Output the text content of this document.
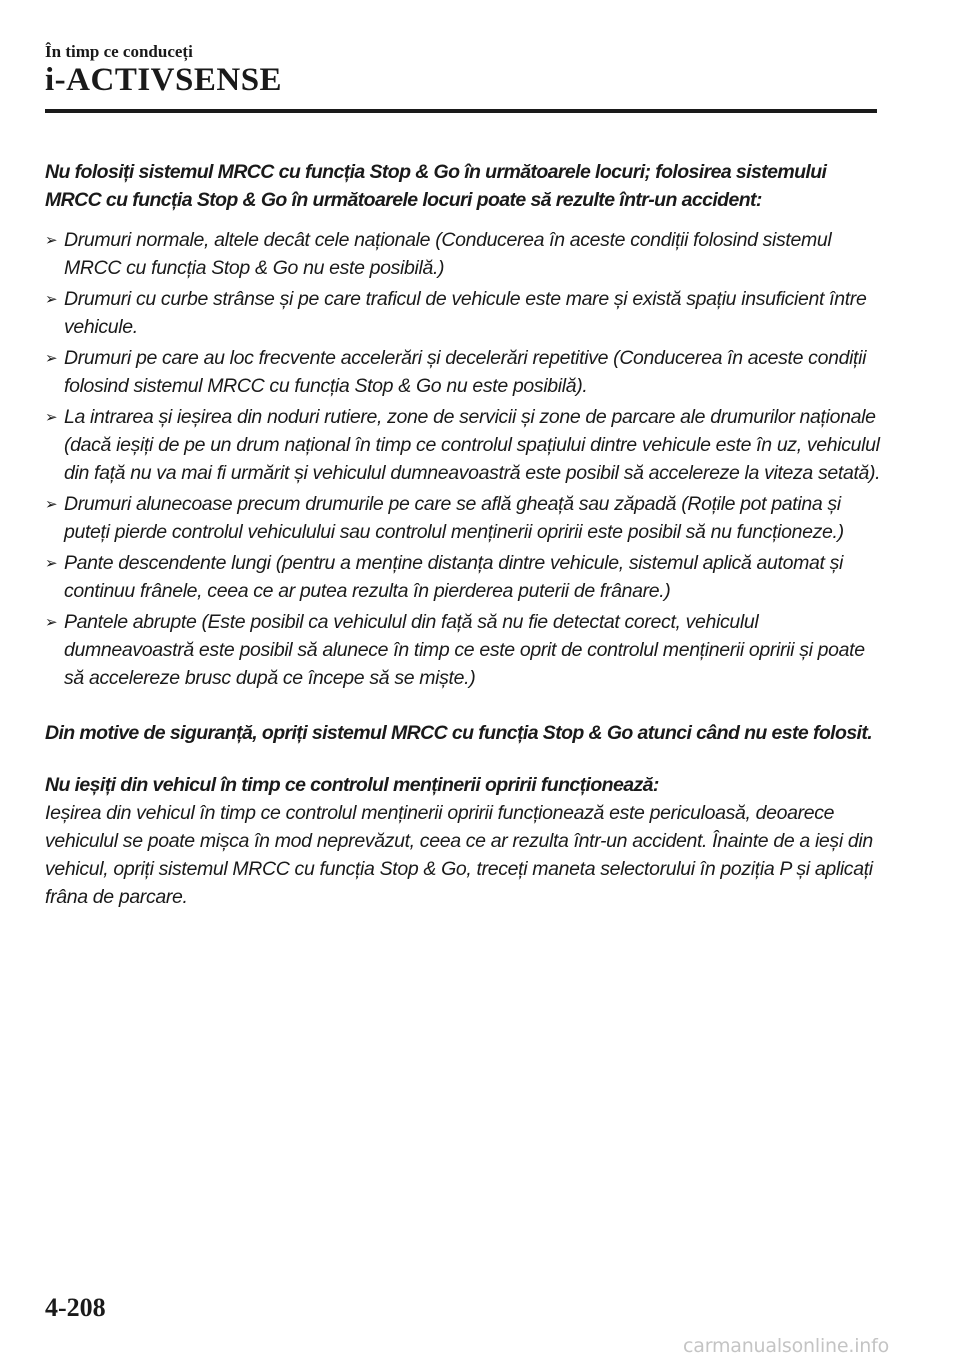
În timp ce conduceți
i-ACTIVSENSE

Nu folosiți sistemul MRCC cu funcția Stop & Go în următoarele locuri; folosirea sistemului MRCC cu funcția Stop & Go în următoarele locuri poate să rezulte într-un accident:

➢ Drumuri normale, altele decât cele naționale (Conducerea în aceste condiții folosind sistemul MRCC cu funcția Stop & Go nu este posibilă.)
➢ Drumuri cu curbe strânse și pe care traficul de vehicule este mare și există spațiu insuficient între vehicule.
➢ Drumuri pe care au loc frecvente accelerări și decelerări repetitive (Conducerea în aceste condiții folosind sistemul MRCC cu funcția Stop & Go nu este posibilă).
➢ La intrarea și ieșirea din noduri rutiere, zone de servicii și zone de parcare ale drumurilor naționale (dacă ieșiți de pe un drum național în timp ce controlul spațiului dintre vehicule este în uz, vehiculul din față nu va mai fi urmărit și vehiculul dumneavoastră este posibil să accelereze la viteza setată).
➢ Drumuri alunecoase precum drumurile pe care se află gheață sau zăpadă (Roțile pot patina și puteți pierde controlul vehiculului sau controlul menținerii opririi este posibil să nu funcționeze.)
➢ Pante descendente lungi (pentru a menține distanța dintre vehicule, sistemul aplică automat și continuu frânele, ceea ce ar putea rezulta în pierderea puterii de frânare.)
➢ Pantele abrupte (Este posibil ca vehiculul din față să nu fie detectat corect, vehiculul dumneavoastră este posibil să alunece în timp ce este oprit de controlul menținerii opririi și poate să accelereze brusc după ce începe să se miște.)

Din motive de siguranță, opriți sistemul MRCC cu funcția Stop & Go atunci când nu este folosit.

Nu ieșiți din vehicul în timp ce controlul menținerii opririi funcționează:

Ieșirea din vehicul în timp ce controlul menținerii opririi funcționează este periculoasă, deoarece vehiculul se poate mișca în mod neprevăzut, ceea ce ar rezulta într-un accident. Înainte de a ieși din vehicul, opriți sistemul MRCC cu funcția Stop & Go, treceți maneta selectorului în poziția P și aplicați frâna de parcare.

4-208
carmanualsonline.info
